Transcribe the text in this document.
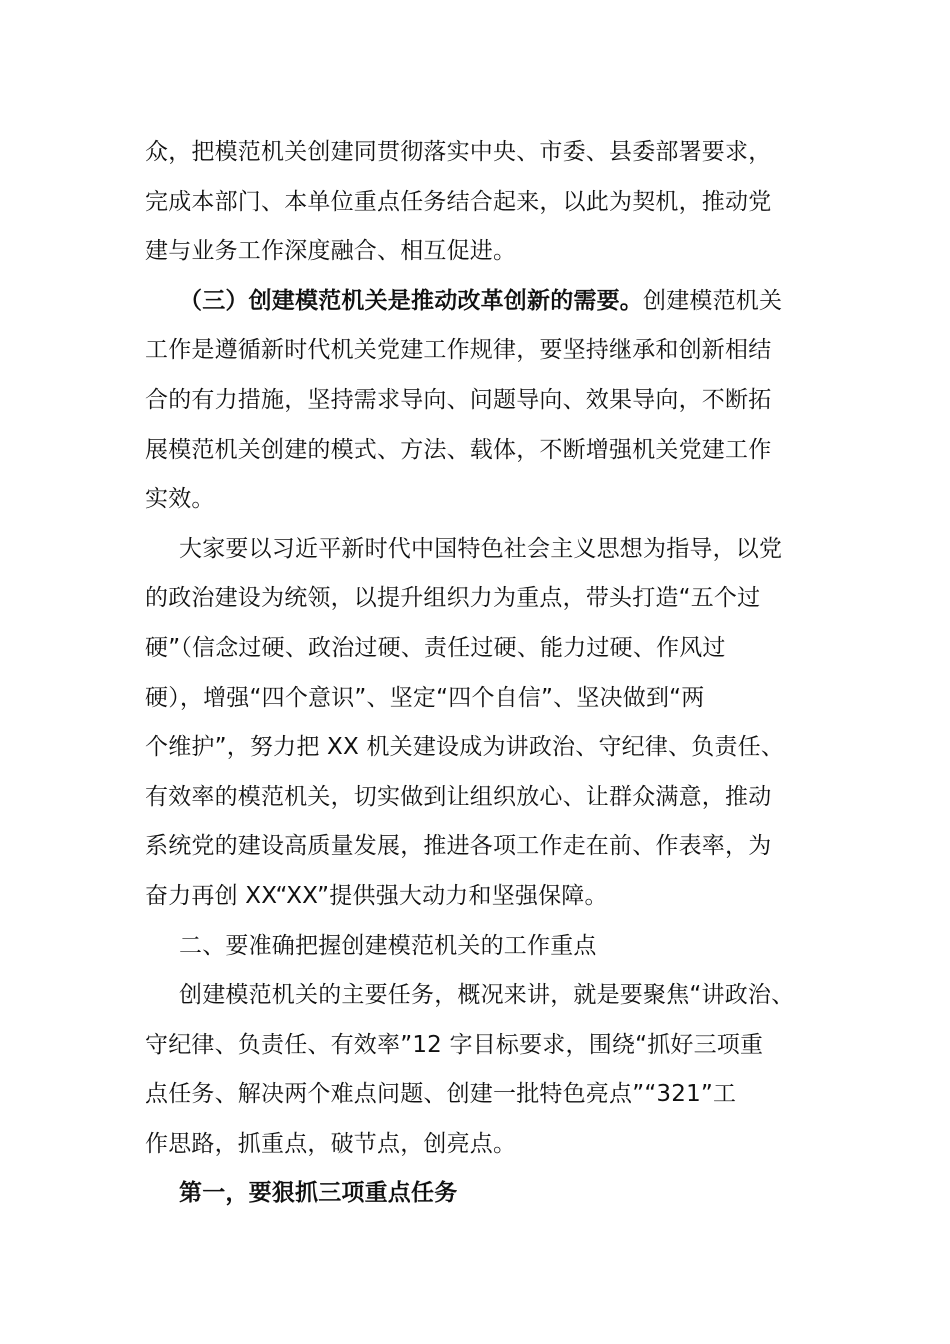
众，把模范机关创建同贯彻落实中央、市委、县委部署要求，
完成本部门、本单位重点任务结合起来，以此为契机，推动党
建与业务工作深度融合、相互促进。
（三）创建模范机关是推动改革创新的需要。创建模范机关
工作是遵循新时代机关党建工作规律，要坚持继承和创新相结
合的有力措施，坚持需求导向、问题导向、效果导向，不断拓
展模范机关创建的模式、方法、载体，不断增强机关党建工作
实效。
大家要以习近平新时代中国特色社会主义思想为指导，以党
的政治建设为统领，以提升组织力为重点，带头打造“五个过
硬”（信念过硬、政治过硬、责任过硬、能力过硬、作风过
硬），增强“四个意识”、坚定“四个自信”、坚决做到“两
个维护”，努力把 XX 机关建设成为讲政治、守纪律、负责任、
有效率的模范机关，切实做到让组织放心、让群众满意，推动
系统党的建设高质量发展，推进各项工作走在前、作表率，为
奋力再创 XX“XX”提供强大动力和坚强保障。
二、要准确把握创建模范机关的工作重点
创建模范机关的主要任务，概况来讲，就是要聚焦“讲政治、
守纪律、负责任、有效率”12 字目标要求，围绕“抓好三项重
点任务、解决两个难点问题、创建一批特色亮点”“321”工
作思路，抓重点，破节点，创亮点。
第一，要狠抓三项重点任务
